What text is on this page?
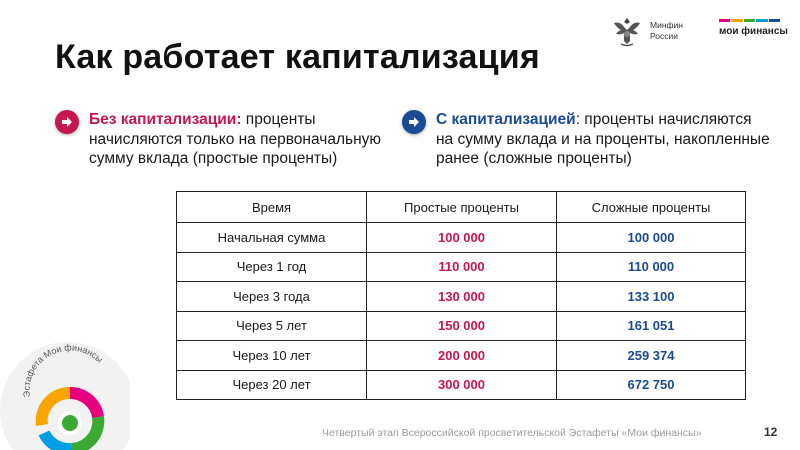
Минфин
России	мои финансы
Как работает капитализация
Без капитализации: проценты начисляются только на первоначальную сумму вклада (простые проценты)
С капитализацией: проценты начисляются на сумму вклада и на проценты, накопленные ранее (сложные проценты)
Время	Простые проценты	Сложные проценты
Начальная сумма	100 000	100 000
Через 1 год	110 000	110 000
Через 3 года	130 000	133 100
Через 5 лет	150 000	161 051
Через 10 лет	200 000	259 374
Через 20 лет	300 000	672 750
Эстафета Мои финансы
Четвертый этап Всероссийской просветительской Эстафеты «Мои финансы»	12
